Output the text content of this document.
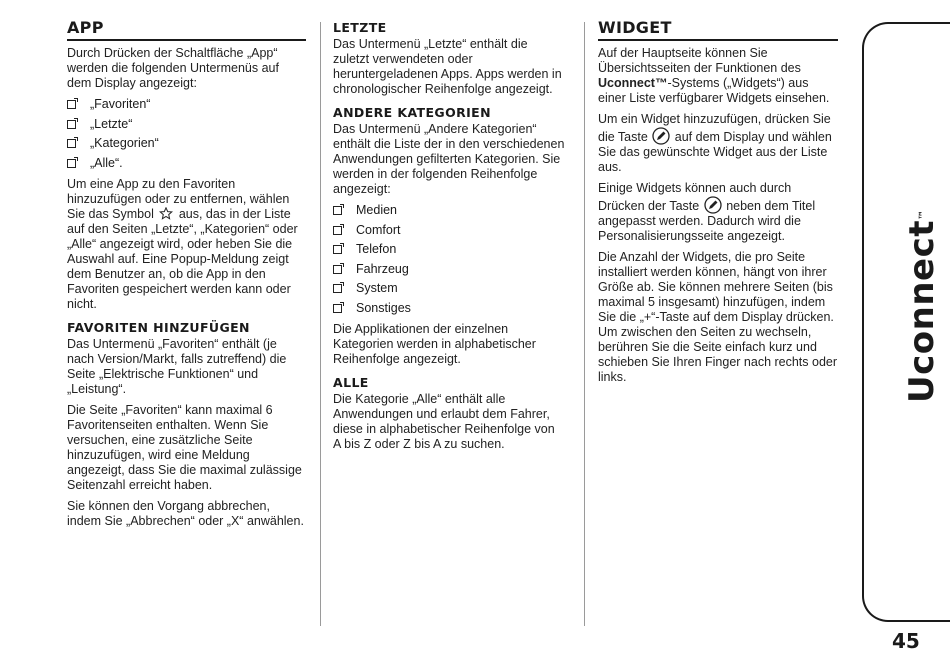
APP

Durch Drücken der Schaltfläche „App“ werden die folgenden Untermenüs auf dem Display angezeigt:

„Favoriten“
„Letzte“
„Kategorien“
„Alle“.

Um eine App zu den Favoriten hinzuzufügen oder zu entfernen, wählen Sie das Symbol aus, das in der Liste auf den Seiten „Letzte“, „Kategorien“ oder „Alle“ angezeigt wird, oder heben Sie die Auswahl auf. Eine Popup-Meldung zeigt dem Benutzer an, ob die App in den Favoriten gespeichert werden kann oder nicht.

FAVORITEN HINZUFÜGEN

Das Untermenü „Favoriten“ enthält (je nach Version/Markt, falls zutreffend) die Seite „Elektrische Funktionen“ und „Leistung“.

Die Seite „Favoriten“ kann maximal 6 Favoritenseiten enthalten. Wenn Sie versuchen, eine zusätzliche Seite hinzuzufügen, wird eine Meldung angezeigt, dass Sie die maximal zulässige Seitenzahl erreicht haben.

Sie können den Vorgang abbrechen, indem Sie „Abbrechen“ oder „X“ anwählen.

LETZTE

Das Untermenü „Letzte“ enthält die zuletzt verwendeten oder heruntergeladenen Apps. Apps werden in chronologischer Reihenfolge angezeigt.

ANDERE KATEGORIEN

Das Untermenü „Andere Kategorien“ enthält die Liste der in den verschiedenen Anwendungen gefilterten Kategorien. Sie werden in der folgenden Reihenfolge angezeigt:

Medien
Comfort
Telefon
Fahrzeug
System
Sonstiges

Die Applikationen der einzelnen Kategorien werden in alphabetischer Reihenfolge angezeigt.

ALLE

Die Kategorie „Alle“ enthält alle Anwendungen und erlaubt dem Fahrer, diese in alphabetischer Reihenfolge von A bis Z oder Z bis A zu suchen.

WIDGET

Auf der Hauptseite können Sie Übersichtsseiten der Funktionen des Uconnect™-Systems („Widgets“) aus einer Liste verfügbarer Widgets einsehen.

Um ein Widget hinzuzufügen, drücken Sie die Taste auf dem Display und wählen Sie das gewünschte Widget aus der Liste aus.

Einige Widgets können auch durch Drücken der Taste neben dem Titel angepasst werden. Dadurch wird die Personalisierungsseite angezeigt.

Die Anzahl der Widgets, die pro Seite installiert werden können, hängt von ihrer Größe ab. Sie können mehrere Seiten (bis maximal 5 insgesamt) hinzufügen, indem Sie die „+“-Taste auf dem Display drücken. Um zwischen den Seiten zu wechseln, berühren Sie die Seite einfach kurz und schieben Sie Ihren Finger nach rechts oder links.	Uconnect™
45
